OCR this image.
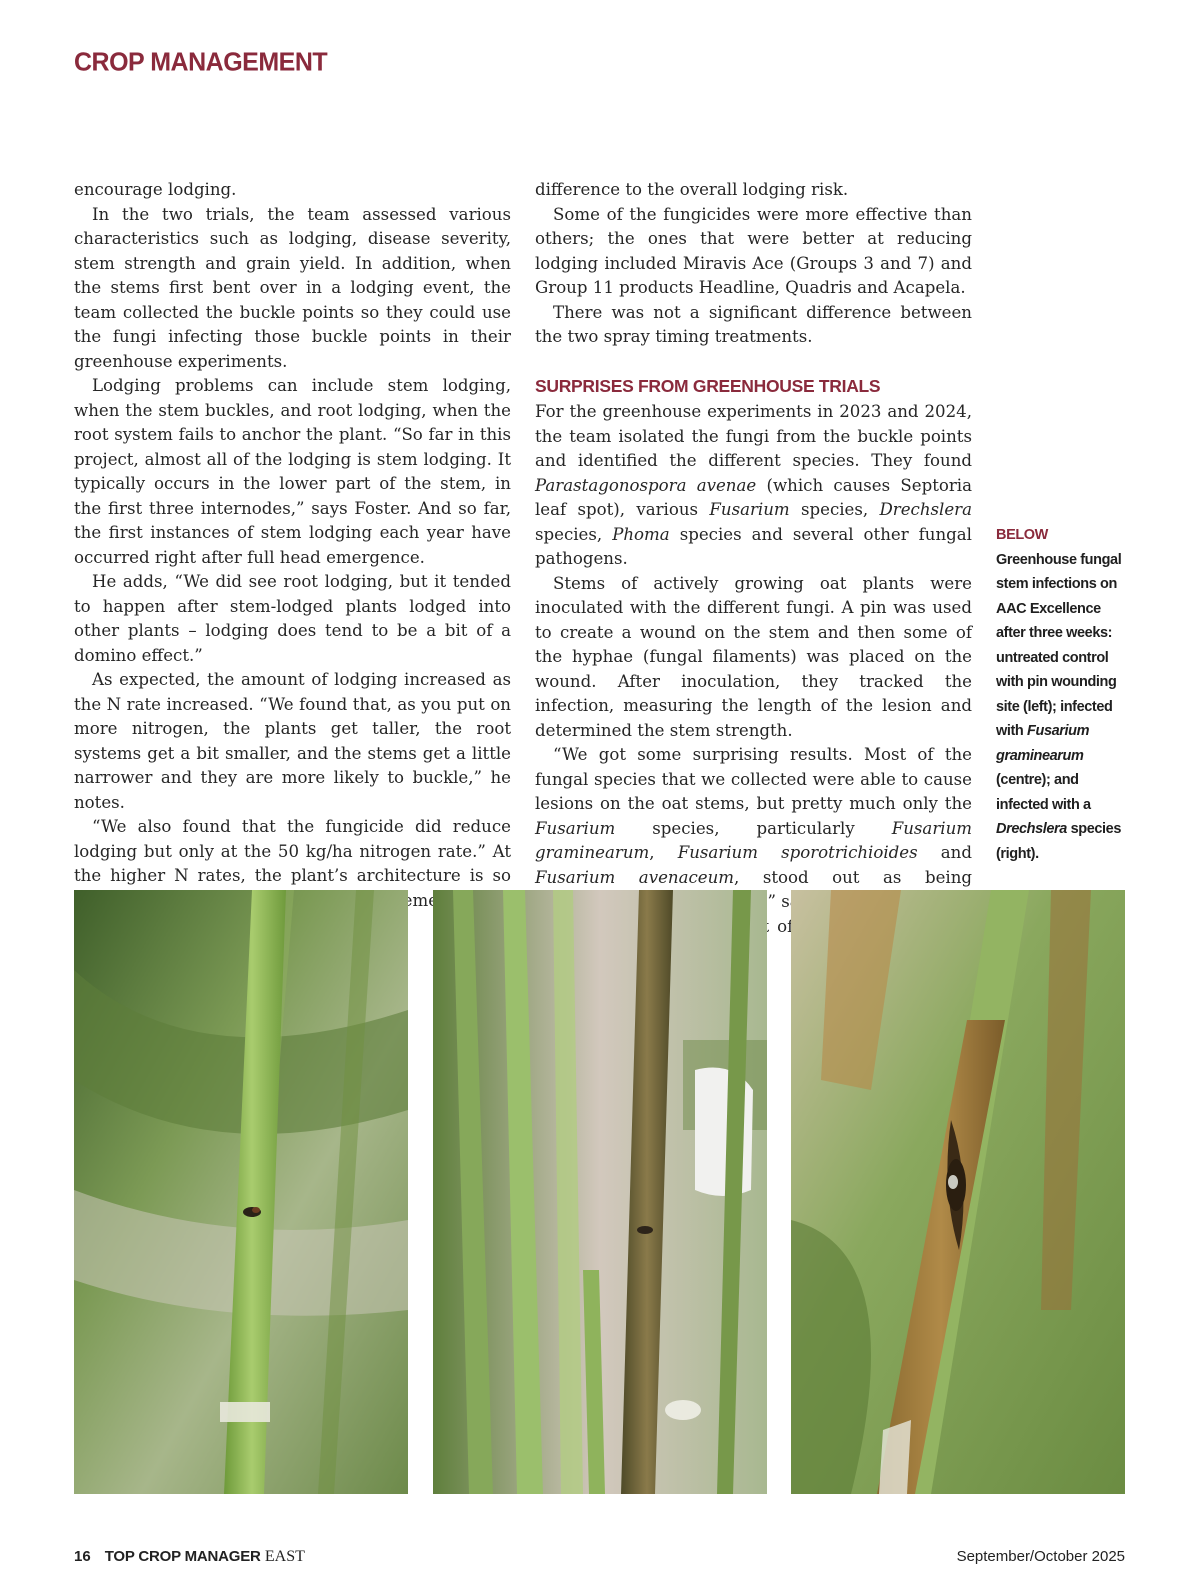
CROP MANAGEMENT

encourage lodging.

In the two trials, the team assessed various characteristics such as lodging, disease severity, stem strength and grain yield. In addition, when the stems first bent over in a lodging event, the team collected the buckle points so they could use the fungi infecting those buckle points in their greenhouse experiments.

Lodging problems can include stem lodging, when the stem buckles, and root lodging, when the root system fails to anchor the plant. “So far in this project, almost all of the lodging is stem lodging. It typically occurs in the lower part of the stem, in the first three internodes,” says Foster. And so far, the first instances of stem lodging each year have occurred right after full head emergence.

He adds, “We did see root lodging, but it tended to happen after stem-lodged plants lodged into other plants – lodging does tend to be a bit of a domino effect.”

As expected, the amount of lodging increased as the N rate increased. “We found that, as you put on more nitrogen, the plants get taller, the root systems get a bit smaller, and the stems get a little narrower and they are more likely to buckle,” he notes.

“We also found that the fungicide did reduce lodging but only at the 50 kg/ha nitrogen rate.” At the higher N rates, the plant’s architecture is so

difference to the overall lodging risk.

Some of the fungicides were more effective than others; the ones that were better at reducing lodging included Miravis Ace (Groups 3 and 7) and Group 11 products Headline, Quadris and Acapela.

There was not a significant difference between the two spray timing treatments.

SURPRISES FROM GREENHOUSE TRIALS

For the greenhouse experiments in 2023 and 2024, the team isolated the fungi from the buckle points and identified the different species. They found Parastagonospora avenae (which causes Septoria leaf spot), various Fusarium species, Drechslera species, Phoma species and several other fungal pathogens.

Stems of actively growing oat plants were inoculated with the different fungi. A pin was used to create a wound on the stem and then some of the hyphae (fungal filaments) was placed on the wound. After inoculation, they tracked the infection, measuring the length of the lesion and determined the stem strength.

“We got some surprising results. Most of the fungal species that we collected were able to cause lesions on the oat stems, but pretty much only the Fusarium species, particularly Fusarium graminearum, Fusarium sporotrichioides and Fusarium avenaceum, stood out as being

of

BELOW Greenhouse fungal stem infections on AAC Excellence after three weeks: untreated control with pin wounding site (left); infected with Fusarium graminearum (centre); and infected with a Drechslera species (right).
16 TOP CROP MANAGER EAST	September/October 2025
